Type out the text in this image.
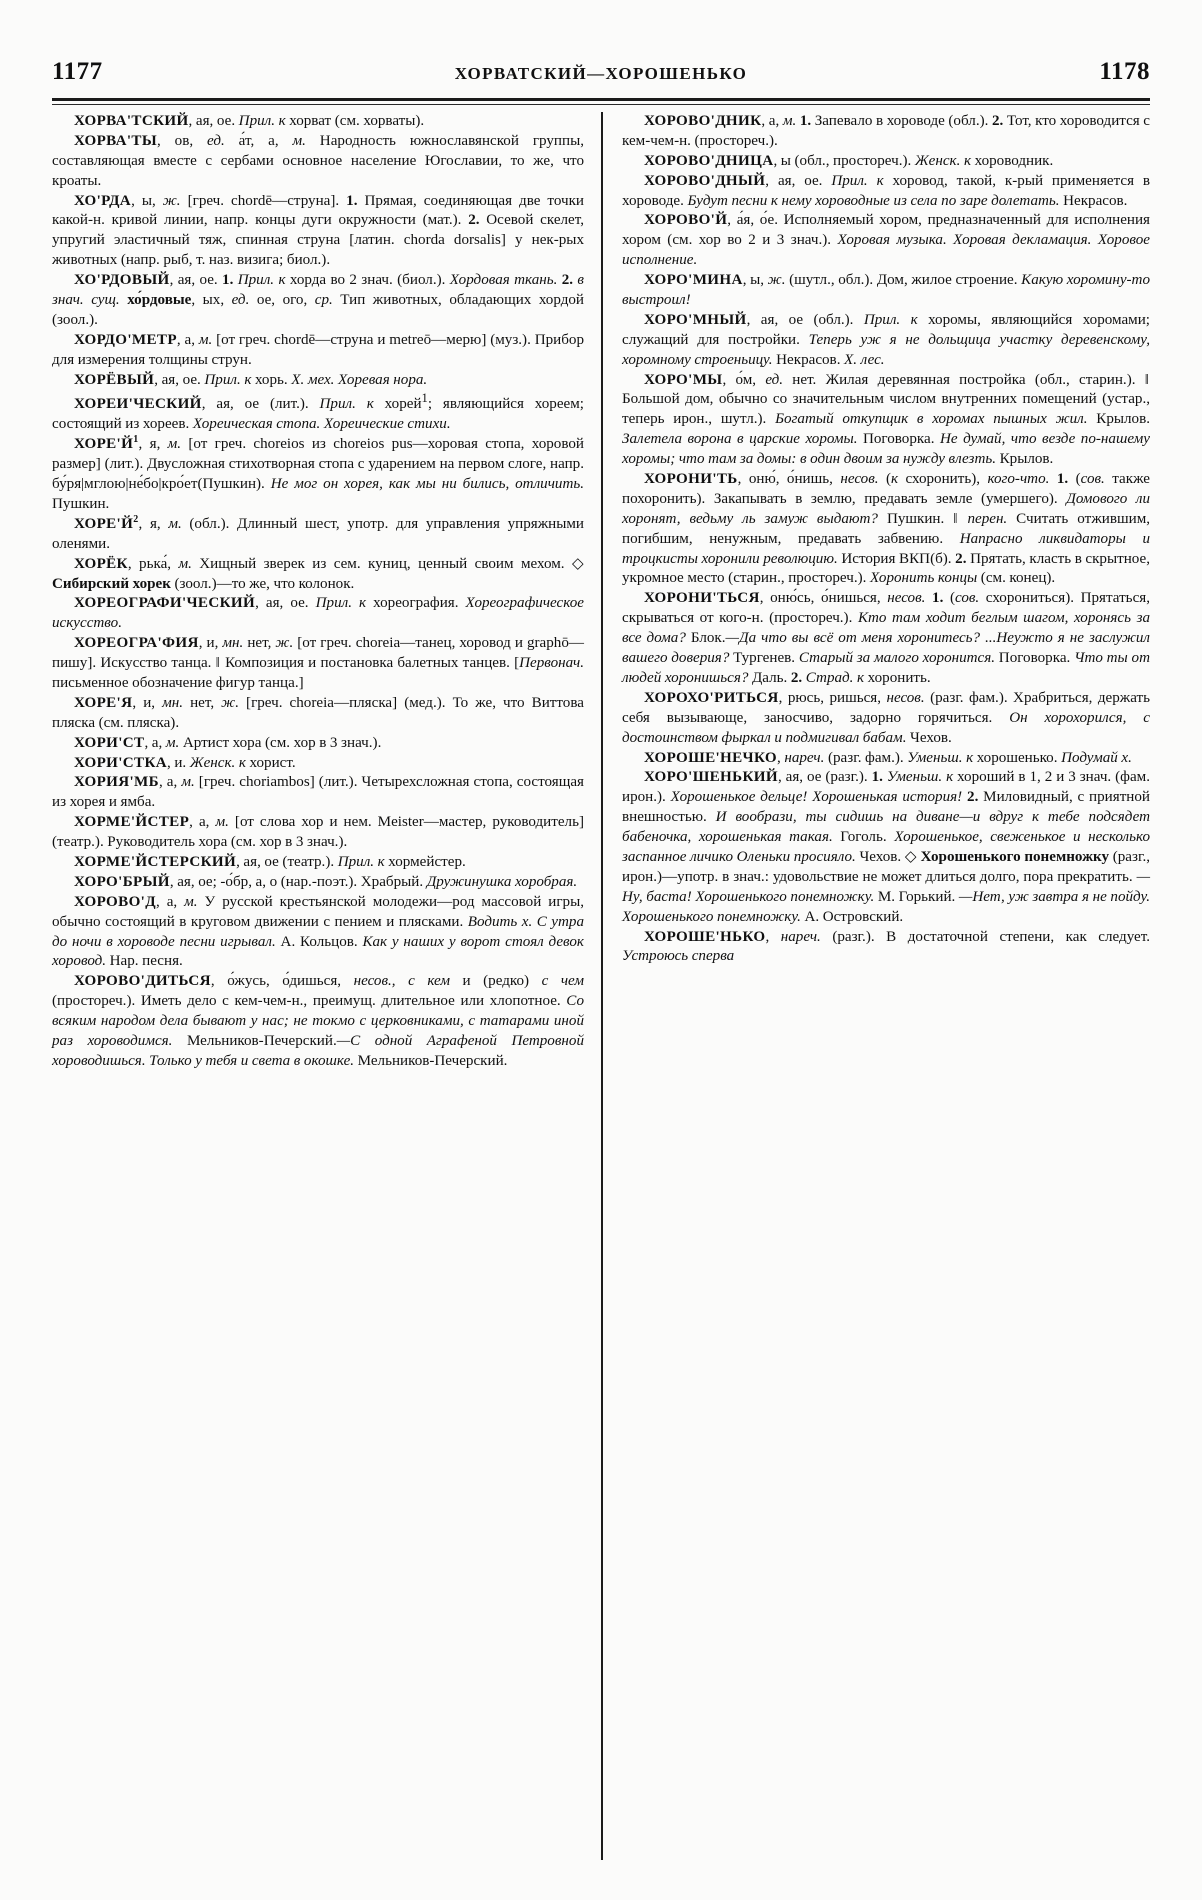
1177	ХОРВАТСКИЙ—ХОРОШЕНЬКО	1178

ХОРВА'ТСКИЙ, ая, ое. Прил. к хорват (см. хорваты).

ХОРВА'ТЫ, ов, ед. а́т, а, м. Народность южнославянской группы, составляющая вместе с сербами основное население Югославии, то же, что кроаты.

ХО'РДА, ы, ж. [греч. chordē—струна]. 1. Прямая, соединяющая две точки какой-н. кривой линии, напр. концы дуги окружности (мат.). 2. Осевой скелет, упругий эластичный тяж, спинная струна [латин. chorda dorsalis] у нек-рых животных (напр. рыб, т. наз. визига; биол.).

ХО'РДОВЫЙ, ая, ое. 1. Прил. к хорда во 2 знач. (биол.). Хордовая ткань. 2. в знач. сущ. хо́рдовые, ых, ед. ое, ого, ср. Тип животных, обладающих хордой (зоол.).

ХОРДО'МЕТР, а, м. [от греч. chordē—струна и metreō—мерю] (муз.). Прибор для измерения толщины струн.

ХОРЁВЫЙ, ая, ое. Прил. к хорь. Х. мех. Хоревая нора.

ХОРЕИ'ЧЕСКИЙ, ая, ое (лит.). Прил. к хорей$^1$; являющийся хореем; состоящий из хореев. Хореическая стопа. Хореические стихи.

$ХОРЕ'Й^1$, я, м. [от греч. choreios из choreios pus—хоровая стопа, хоровой размер] (лит.). Двусложная стихотворная стопа с ударением на первом слоге, напр. бу́ря|мглою|не́бо|кро́ет(Пушкин). Не мог он хорея, как мы ни бились, отличить. Пушкин.

$ХОРЕ'Й^2$, я, м. (обл.). Длинный шест, употр. для управления упряжными оленями.

ХОРЁК, рька́, м. Хищный зверек из сем. куниц, ценный своим мехом. ◇ Сибирский хорек (зоол.)—то же, что колонок.

ХОРЕОГРАФИ'ЧЕСКИЙ, ая, ое. Прил. к хореография. Хореографическое искусство.

ХОРЕОГРА'ФИЯ, и, мн. нет, ж. [от греч. choreia—танец, хоровод и graphō—пишу]. Искусство танца. ‖ Композиция и постановка балетных танцев. [Первонач. письменное обозначение фигур танца.]

ХОРЕ'Я, и, мн. нет, ж. [греч. choreia—пляска] (мед.). То же, что Виттова пляска (см. пляска).

ХОРИ'СТ, а, м. Артист хора (см. хор в 3 знач.).

ХОРИ'СТКА, и. Женск. к хорист.

ХОРИЯ'МБ, а, м. [греч. choriambos] (лит.). Четырехсложная стопа, состоящая из хорея и ямба.

ХОРМЕ'ЙСТЕР, а, м. [от слова хор и нем. Meister—мастер, руководитель] (театр.). Руководитель хора (см. хор в 3 знач.).

ХОРМЕ'ЙСТЕРСКИЙ, ая, ое (театр.). Прил. к хормейстер.

ХОРО'БРЫЙ, ая, ое; -о́бр, а, о (нар.-поэт.). Храбрый. Дружинушка хоробрая.

ХОРОВО'Д, а, м. У русской крестьянской молодежи—род массовой игры, обычно состоящий в круговом движении с пением и плясками. Водить х. С утра до ночи в хороводе песни игрывал. А. Кольцов. Как у наших у ворот стоял девок хоровод. Нар. песня.

ХОРОВО'ДИТЬСЯ, о́жусь, о́дишься, несов., с кем и (редко) с чем (простореч.). Иметь дело с кем-чем-н., преимущ. длительное или хлопотное. Со всяким народом дела бывают у нас; не токмо с церковниками, с татарами иной раз хороводимся. Мельников-Печерский.—С одной Аграфеной Петровной хороводишься. Только у тебя и света в окошке. Мельников-Печерский.

ХОРОВО'ДНИК, а, м. 1. Запевало в хороводе (обл.). 2. Тот, кто хороводится с кем-чем-н. (простореч.).

ХОРОВО'ДНИЦА, ы (обл., простореч.). Женск. к хороводник.

ХОРОВО'ДНЫЙ, ая, ое. Прил. к хоровод, такой, к-рый применяется в хороводе. Будут песни к нему хороводные из села по заре долетать. Некрасов.

ХОРОВО'Й, а́я, о́е. Исполняемый хором, предназначенный для исполнения хором (см. хор во 2 и 3 знач.). Хоровая музыка. Хоровая декламация. Хоровое исполнение.

ХОРО'МИНА, ы, ж. (шутл., обл.). Дом, жилое строение. Какую хоромину-то выстроил!

ХОРО'МНЫЙ, ая, ое (обл.). Прил. к хоромы, являющийся хоромами; служащий для постройки. Теперь уж я не дольщица участку деревенскому, хоромному строеньицу. Некрасов. Х. лес.

ХОРО'МЫ, о́м, ед. нет. Жилая деревянная постройка (обл., старин.). ‖ Большой дом, обычно со значительным числом внутренних помещений (устар., теперь ирон., шутл.). Богатый откупщик в хоромах пышных жил. Крылов. Залетела ворона в царские хоромы. Поговорка. Не думай, что везде по-нашему хоромы; что там за домы: в один двоим за нужду влезть. Крылов.

ХОРОНИ'ТЬ, оню́, о́нишь, несов. (к схоронить), кого-что. 1. (сов. также похоронить). Закапывать в землю, предавать земле (умершего). Домового ли хоронят, ведьму ль замуж выдают? Пушкин. ‖ перен. Считать отжившим, погибшим, ненужным, предавать забвению. Напрасно ликвидаторы и троцкисты хоронили революцию. История ВКП(б). 2. Прятать, класть в скрытное, укромное место (старин., простореч.). Хоронить концы (см. конец).

ХОРОНИ'ТЬСЯ, оню́сь, о́нишься, несов. 1. (сов. схорониться). Прятаться, скрываться от кого-н. (простореч.). Кто там ходит беглым шагом, хоронясь за все дома? Блок.—Да что вы всё от меня хоронитесь? ...Неужто я не заслужил вашего доверия? Тургенев. Старый за малого хоронится. Поговорка. Что ты от людей хоронишься? Даль. 2. Страд. к хоронить.

ХОРОХО'РИТЬСЯ, рюсь, ришься, несов. (разг. фам.). Храбриться, держать себя вызывающе, заносчиво, задорно горячиться. Он хорохорился, с достоинством фыркал и подмигивал бабам. Чехов.

ХОРОШЕ'НЕЧКО, нареч. (разг. фам.). Уменьш. к хорошенько. Подумай х.

ХОРО'ШЕНЬКИЙ, ая, ое (разг.). 1. Уменьш. к хороший в 1, 2 и 3 знач. (фам. ирон.). Хорошенькое дельце! Хорошенькая история! 2. Миловидный, с приятной внешностью. И вообрази, ты сидишь на диване—и вдруг к тебе подсядет бабеночка, хорошенькая такая. Гоголь. Хорошенькое, свеженькое и несколько заспанное личико Оленьки просияло. Чехов. ◇ Хорошенького понемножку (разг., ирон.)—употр. в знач.: удовольствие не может длиться долго, пора прекратить. — Ну, баста! Хорошенького понемножку. М. Горький. —Нет, уж завтра я не пойду. Хорошенького понемножку. А. Островский.

ХОРОШЕ'НЬКО, нареч. (разг.). В достаточной степени, как следует. Устроюсь сперва
